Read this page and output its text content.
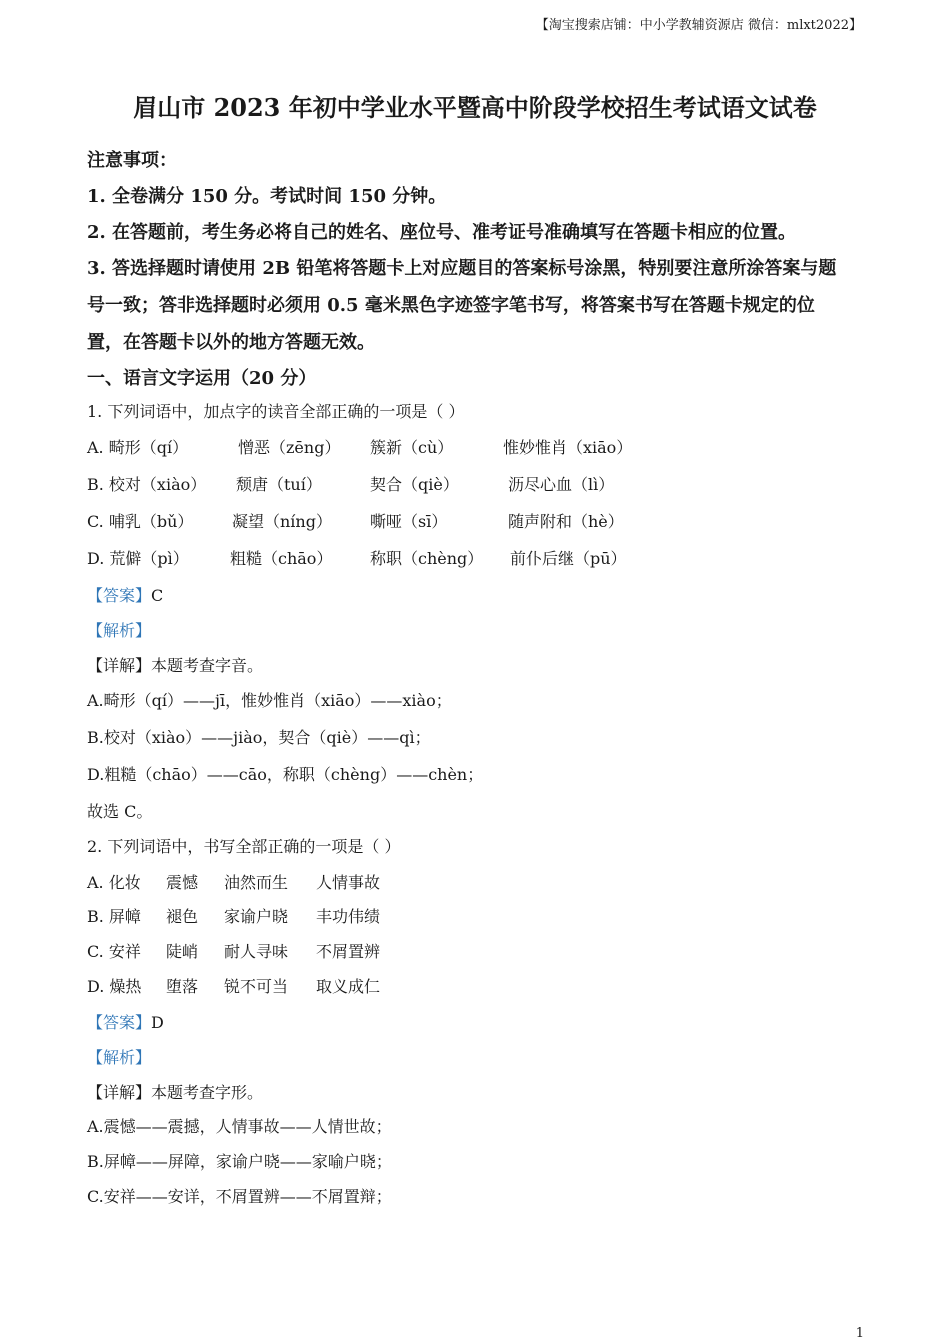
【淘宝搜索店铺：中小学教辅资源店 微信：mlxt2022】
眉山市 2023 年初中学业水平暨高中阶段学校招生考试语文试卷
注意事项：
1. 全卷满分 150 分。考试时间 150 分钟。
2. 在答题前，考生务必将自己的姓名、座位号、准考证号准确填写在答题卡相应的位置。
3. 答选择题时请使用 2B 铅笔将答题卡上对应题目的答案标号涂黑，特别要注意所涂答案与题
号一致；答非选择题时必须用 0.5 毫米黑色字迹签字笔书写，将答案书写在答题卡规定的位
置，在答题卡以外的地方答题无效。
一、语言文字运用（20 分）
1. 下列词语中，加点字的读音全部正确的一项是（ ）
A. 畸形（qí）	憎恶（zēng） 簇新（cù）	惟妙惟肖（xiāo）
B. 校对（xiào） 颓唐（tuí）	契合（qiè）	沥尽心血（lì）
C. 哺乳（bǔ） 凝望（níng） 嘶哑（sī）	随声附和（hè）
D. 荒僻（pì）	粗糙（chāo） 称职（chèng） 前仆后继（pū）
【答案】C
【解析】
【详解】本题考查字音。
A.畸形（qí）——jī，惟妙惟肖（xiāo）——xiào；
B.校对（xiào）——jiào，契合（qiè）——qì；
D.粗糙（chāo）——cāo，称职（chèng）——chèn；
故选 C。
2. 下列词语中，书写全部正确的一项是（ ）
A. 化妆 震憾 油然而生 人情事故
B. 屏幛 褪色 家谕户晓 丰功伟绩
C. 安祥 陡峭 耐人寻味 不屑置辨
D. 燥热 堕落 锐不可当 取义成仁
【答案】D
【解析】
【详解】本题考查字形。
A.震憾——震撼，人情事故——人情世故；
B.屏幛——屏障，家谕户晓——家喻户晓；
C.安祥——安详，不屑置辨——不屑置辩；
1
